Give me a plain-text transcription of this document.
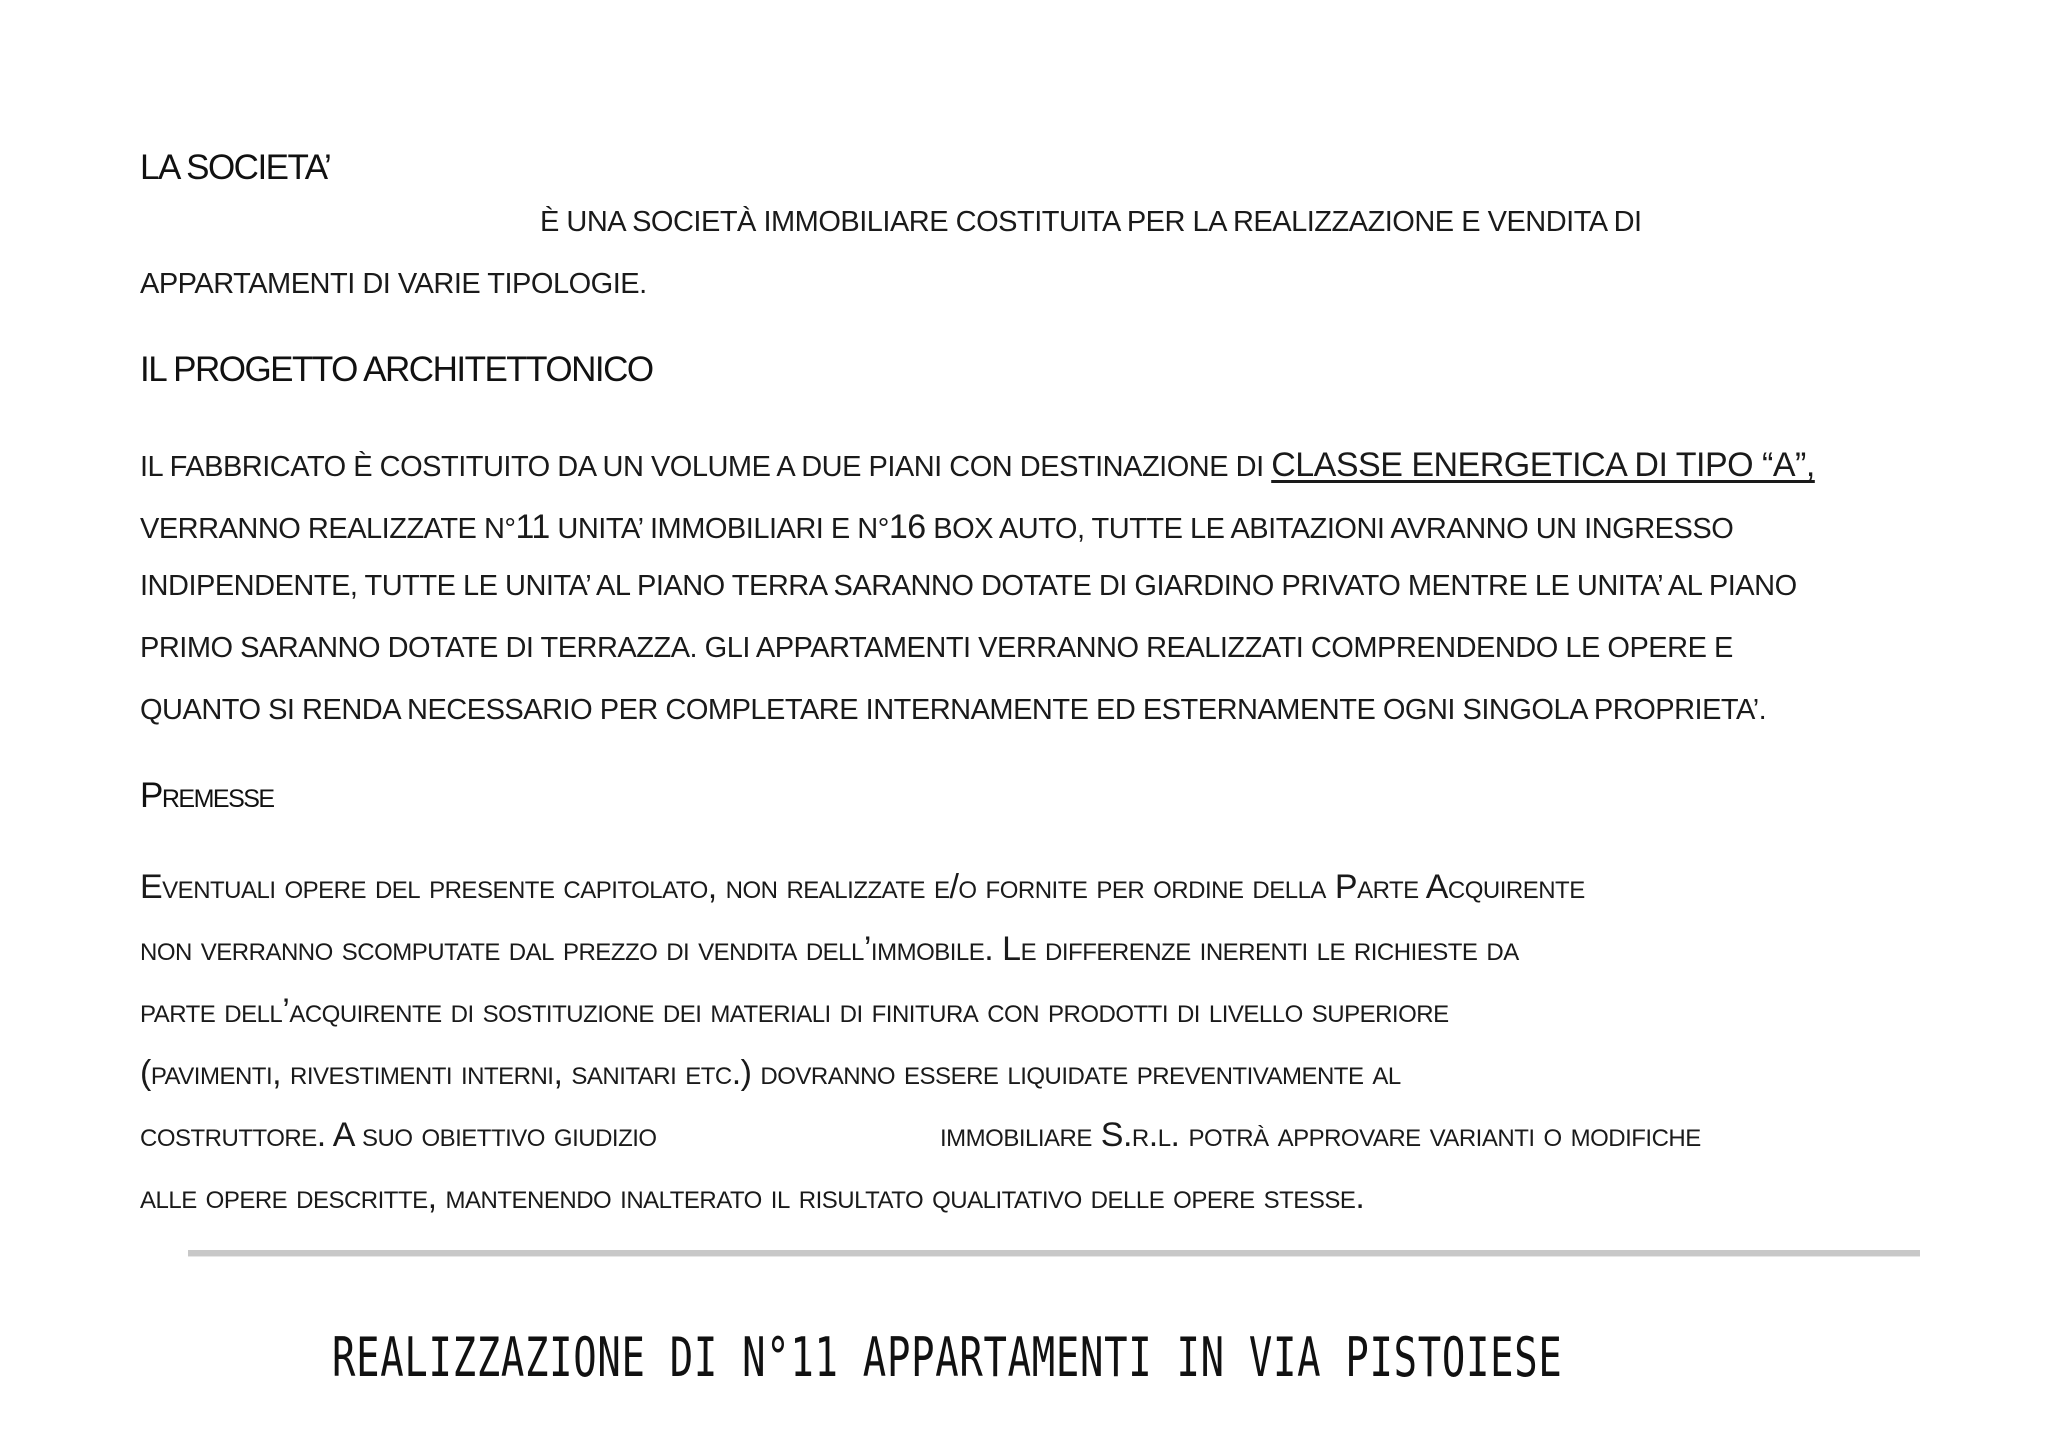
LA SOCIETA’

È UNA SOCIETÀ IMMOBILIARE COSTITUITA PER LA REALIZZAZIONE E VENDITA DI

APPARTAMENTI DI VARIE TIPOLOGIE.

IL PROGETTO ARCHITETTONICO

IL FABBRICATO È COSTITUITO DA UN VOLUME A DUE PIANI CON DESTINAZIONE DI CLASSE ENERGETICA DI TIPO “A”,

VERRANNO REALIZZATE N°11 UNITA’ IMMOBILIARI E N°16 BOX AUTO, TUTTE LE ABITAZIONI AVRANNO UN INGRESSO

INDIPENDENTE, TUTTE LE UNITA’ AL PIANO TERRA SARANNO DOTATE DI GIARDINO PRIVATO MENTRE LE UNITA’ AL PIANO

PRIMO SARANNO DOTATE DI TERRAZZA. GLI APPARTAMENTI VERRANNO REALIZZATI COMPRENDENDO LE OPERE E

QUANTO SI RENDA NECESSARIO PER COMPLETARE INTERNAMENTE ED ESTERNAMENTE OGNI SINGOLA PROPRIETA’.

Premesse

Eventuali opere del presente capitolato, non realizzate e/o fornite per ordine della Parte Acquirente

non verranno scomputate dal prezzo di vendita dell’immobile. Le differenze inerenti le richieste da

parte dell’acquirente di sostituzione dei materiali di finitura con prodotti di livello superiore

(pavimenti, rivestimenti interni, sanitari etc.) dovranno essere liquidate preventivamente al

costruttore. A suo obiettivo giudizio	immobiliare S.r.l. potrà approvare varianti o modifiche

alle opere descritte, mantenendo inalterato il risultato qualitativo delle opere stesse.

REALIZZAZIONE DI N°11 APPARTAMENTI IN VIA PISTOIESE
